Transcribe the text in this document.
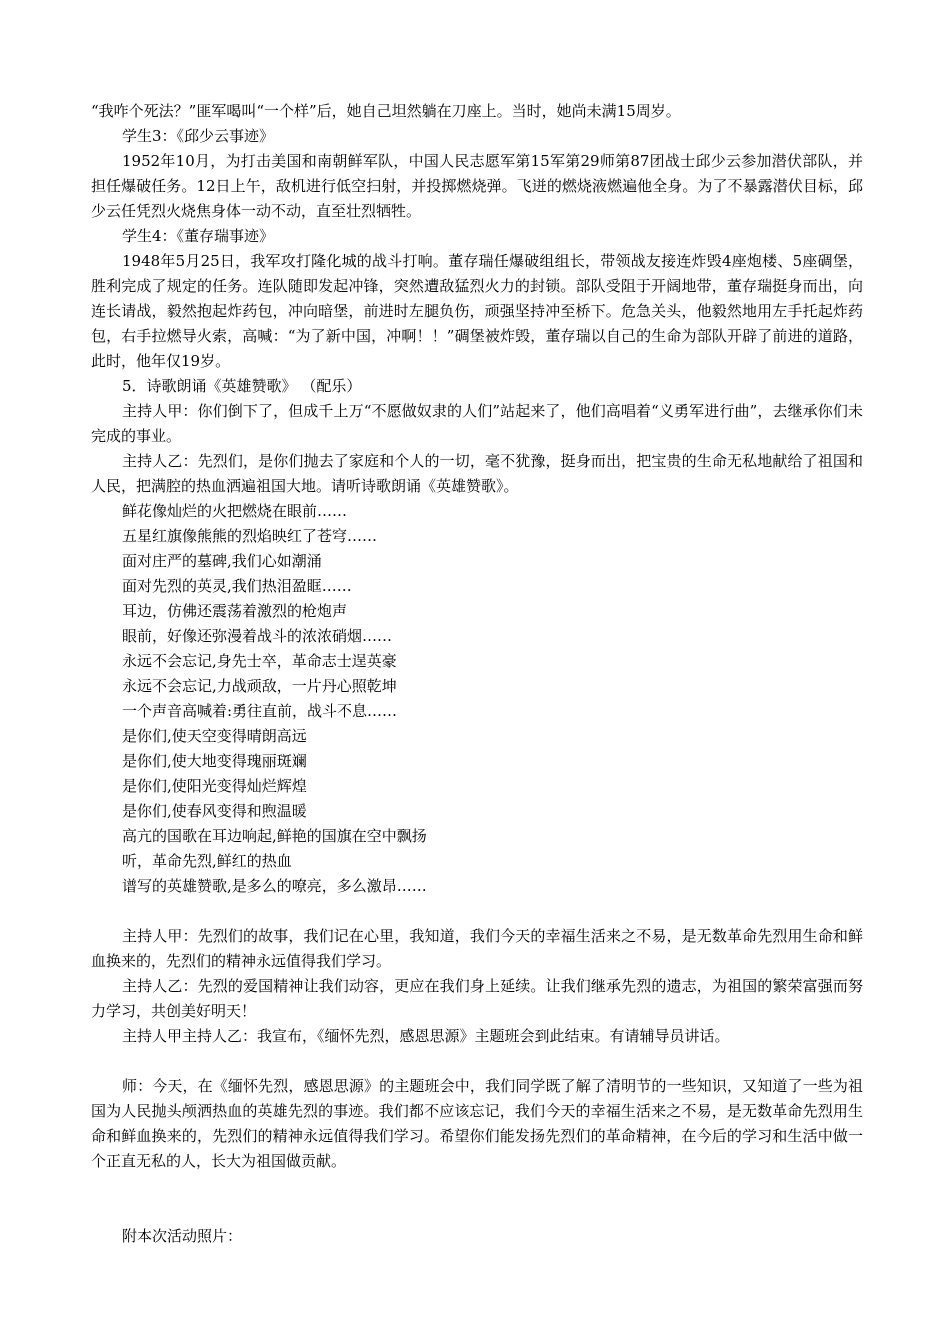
“我咋个死法？”匪军喝叫“一个样”后，她自己坦然躺在刀座上。当时，她尚未满15周岁。

学生3：《邱少云事迹》

1952年10月，为打击美国和南朝鲜军队，中国人民志愿军第15军第29师第87团战士邱少云参加潜伏部队，并担任爆破任务。12日上午，敌机进行低空扫射，并投掷燃烧弹。飞迸的燃烧液燃遍他全身。为了不暴露潜伏目标，邱少云任凭烈火烧焦身体一动不动，直至壮烈牺牲。

学生4：《董存瑞事迹》

1948年5月25日，我军攻打隆化城的战斗打响。董存瑞任爆破组组长，带领战友接连炸毁4座炮楼、5座碉堡，胜利完成了规定的任务。连队随即发起冲锋，突然遭敌猛烈火力的封锁。部队受阻于开阔地带，董存瑞挺身而出，向连长请战，毅然抱起炸药包，冲向暗堡，前进时左腿负伤，顽强坚持冲至桥下。危急关头，他毅然地用左手托起炸药包，右手拉燃导火索，高喊：“为了新中国，冲啊！！”碉堡被炸毁，董存瑞以自己的生命为部队开辟了前进的道路，此时，他年仅19岁。

5．诗歌朗诵《英雄赞歌》 （配乐）

主持人甲：你们倒下了，但成千上万“不愿做奴隶的人们”站起来了，他们高唱着“义勇军进行曲”，去继承你们未完成的事业。

主持人乙：先烈们，是你们抛去了家庭和个人的一切，毫不犹豫，挺身而出，把宝贵的生命无私地献给了祖国和人民，把满腔的热血洒遍祖国大地。请听诗歌朗诵《英雄赞歌》。

鲜花像灿烂的火把燃烧在眼前……

五星红旗像熊熊的烈焰映红了苍穹……

面对庄严的墓碑,我们心如潮涌

面对先烈的英灵,我们热泪盈眶……

耳边，仿佛还震荡着激烈的枪炮声

眼前，好像还弥漫着战斗的浓浓硝烟……

永远不会忘记,身先士卒，革命志士逞英豪

永远不会忘记,力战顽敌，一片丹心照乾坤

一个声音高喊着:勇往直前，战斗不息……

是你们,使天空变得晴朗高远

是你们,使大地变得瑰丽斑斓

是你们,使阳光变得灿烂辉煌

是你们,使春风变得和煦温暖

高亢的国歌在耳边响起,鲜艳的国旗在空中飘扬

听，革命先烈,鲜红的热血

谱写的英雄赞歌,是多么的嘹亮，多么激昂……

主持人甲：先烈们的故事，我们记在心里，我知道，我们今天的幸福生活来之不易，是无数革命先烈用生命和鲜血换来的，先烈们的精神永远值得我们学习。

主持人乙：先烈的爱国精神让我们动容，更应在我们身上延续。让我们继承先烈的遗志，为祖国的繁荣富强而努力学习，共创美好明天！

主持人甲主持人乙：我宣布，《缅怀先烈，感恩思源》主题班会到此结束。有请辅导员讲话。

师：今天，在《缅怀先烈，感恩思源》的主题班会中，我们同学既了解了清明节的一些知识，又知道了一些为祖国为人民抛头颅洒热血的英雄先烈的事迹。我们都不应该忘记，我们今天的幸福生活来之不易，是无数革命先烈用生命和鲜血换来的，先烈们的精神永远值得我们学习。希望你们能发扬先烈们的革命精神，在今后的学习和生活中做一个正直无私的人，长大为祖国做贡献。

附本次活动照片：
